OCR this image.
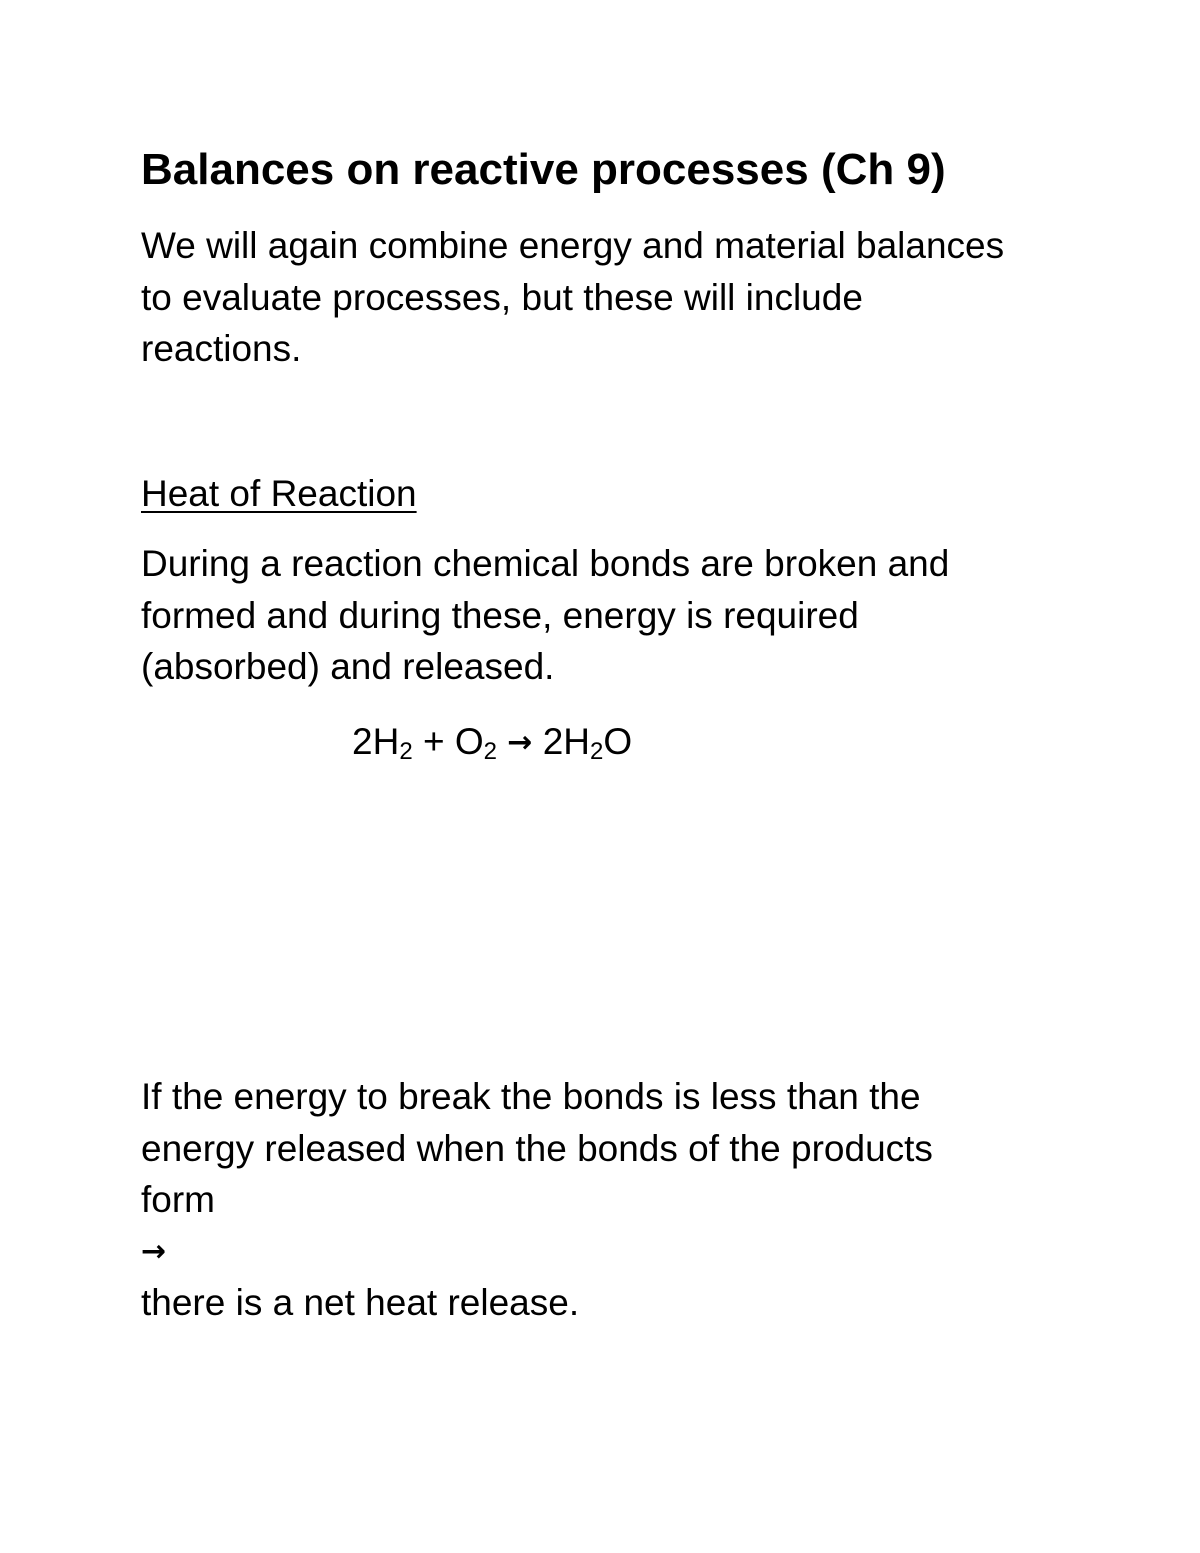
Balances on reactive processes (Ch 9)

We will again combine energy and material balances
to evaluate processes, but these will include
reactions.

Heat of Reaction

During a reaction chemical bonds are broken and
formed and during these, energy is required
(absorbed) and released.

$2H_2 + O_2 \to 2H_2O$

If the energy to break the bonds is less than the
energy released when the bonds of the products
form
→
there is a net heat release.
